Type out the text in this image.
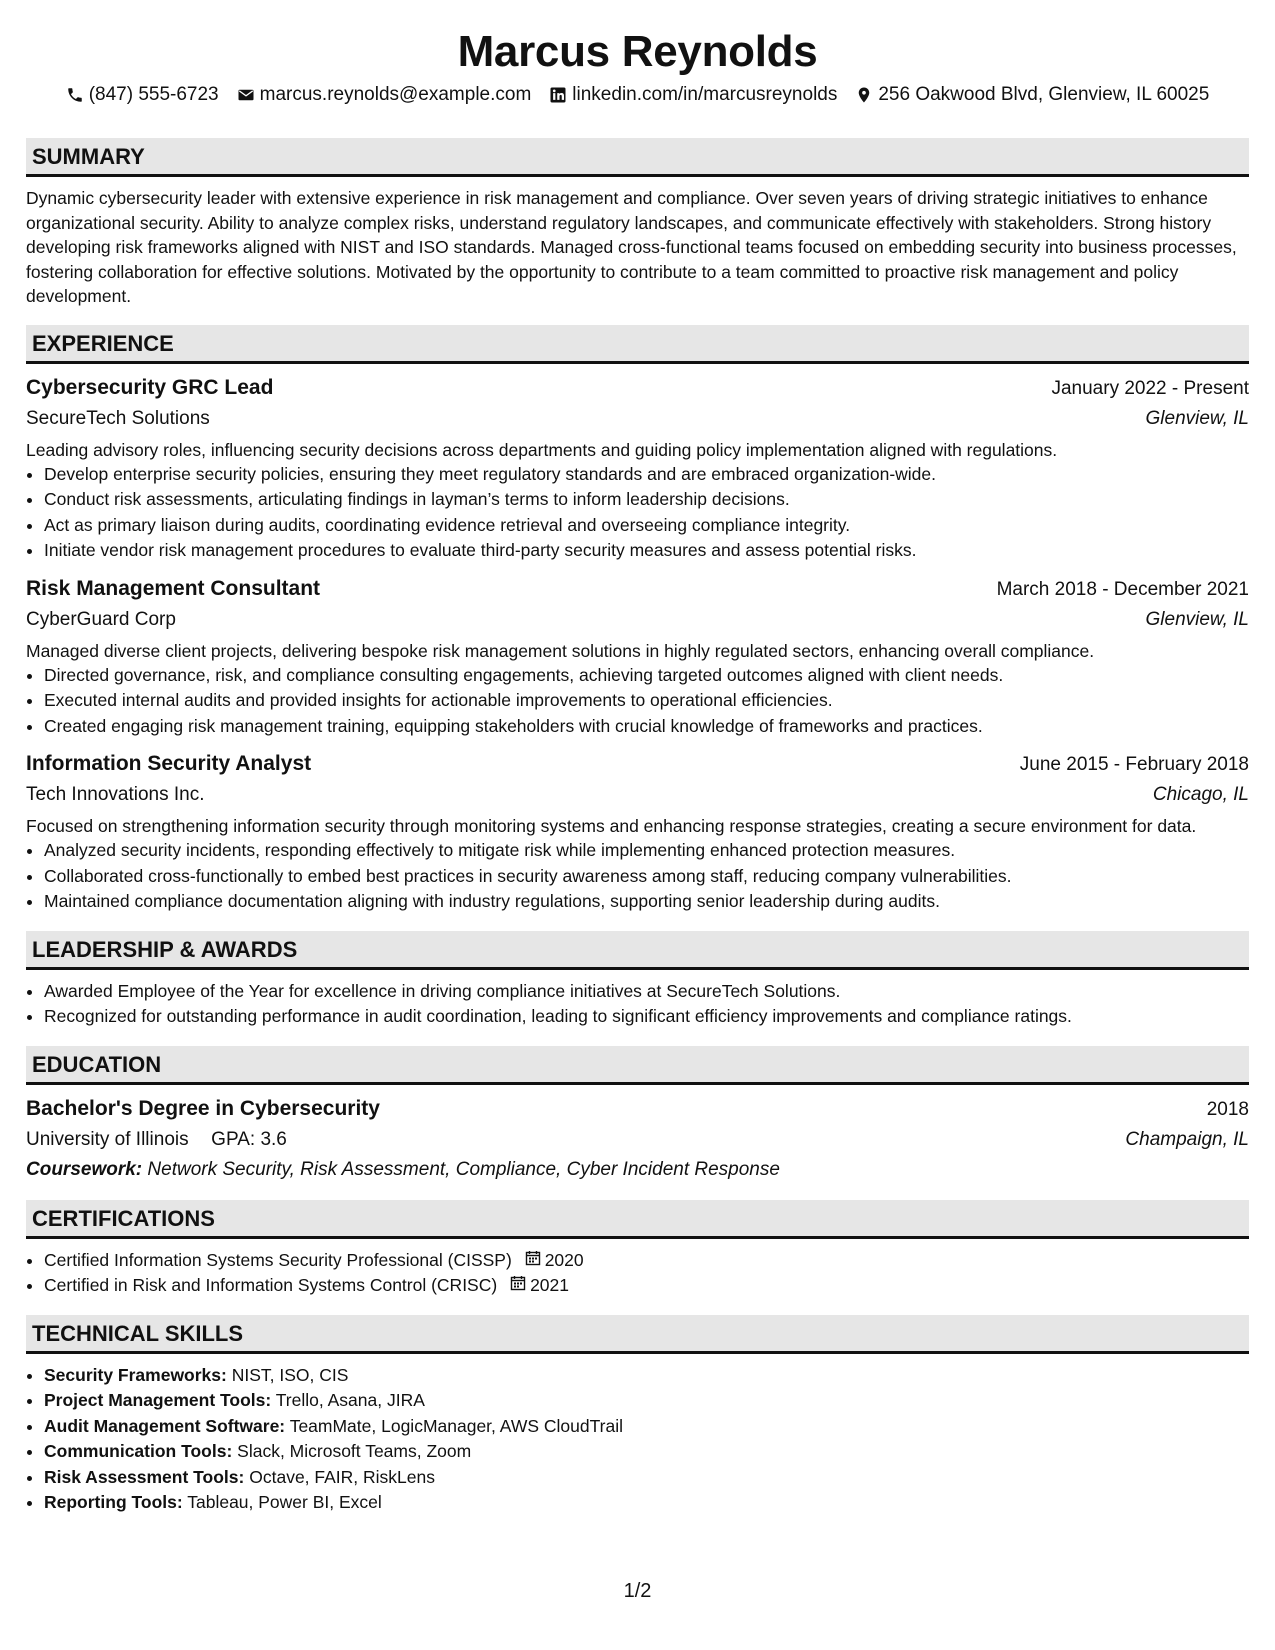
Marcus Reynolds
(847) 555-6723 marcus.reynolds@example.com linkedin.com/in/marcusreynolds 256 Oakwood Blvd, Glenview, IL 60025
SUMMARY

Dynamic cybersecurity leader with extensive experience in risk management and compliance. Over seven years of driving strategic initiatives to enhance organizational security. Ability to analyze complex risks, understand regulatory landscapes, and communicate effectively with stakeholders. Strong history developing risk frameworks aligned with NIST and ISO standards. Managed cross-functional teams focused on embedding security into business processes, fostering collaboration for effective solutions. Motivated by the opportunity to contribute to a team committed to proactive risk management and policy development.

EXPERIENCE
Cybersecurity GRC Lead	January 2022 - Present
SecureTech Solutions	Glenview, IL
Leading advisory roles, influencing security decisions across departments and guiding policy implementation aligned with regulations.
• Develop enterprise security policies, ensuring they meet regulatory standards and are embraced organization-wide.
• Conduct risk assessments, articulating findings in layman’s terms to inform leadership decisions.
• Act as primary liaison during audits, coordinating evidence retrieval and overseeing compliance integrity.
• Initiate vendor risk management procedures to evaluate third-party security measures and assess potential risks.
Risk Management Consultant	March 2018 - December 2021
CyberGuard Corp	Glenview, IL
Managed diverse client projects, delivering bespoke risk management solutions in highly regulated sectors, enhancing overall compliance.
• Directed governance, risk, and compliance consulting engagements, achieving targeted outcomes aligned with client needs.
• Executed internal audits and provided insights for actionable improvements to operational efficiencies.
• Created engaging risk management training, equipping stakeholders with crucial knowledge of frameworks and practices.
Information Security Analyst	June 2015 - February 2018
Tech Innovations Inc.	Chicago, IL
Focused on strengthening information security through monitoring systems and enhancing response strategies, creating a secure environment for data.
• Analyzed security incidents, responding effectively to mitigate risk while implementing enhanced protection measures.
• Collaborated cross-functionally to embed best practices in security awareness among staff, reducing company vulnerabilities.
• Maintained compliance documentation aligning with industry regulations, supporting senior leadership during audits.
LEADERSHIP & AWARDS
• Awarded Employee of the Year for excellence in driving compliance initiatives at SecureTech Solutions.
• Recognized for outstanding performance in audit coordination, leading to significant efficiency improvements and compliance ratings.
EDUCATION
Bachelor's Degree in Cybersecurity	2018
University of Illinois GPA: 3.6	Champaign, IL
Coursework: Network Security, Risk Assessment, Compliance, Cyber Incident Response
CERTIFICATIONS
• Certified Information Systems Security Professional (CISSP) 2020
• Certified in Risk and Information Systems Control (CRISC) 2021
TECHNICAL SKILLS
• Security Frameworks: NIST, ISO, CIS
• Project Management Tools: Trello, Asana, JIRA
• Audit Management Software: TeamMate, LogicManager, AWS CloudTrail
• Communication Tools: Slack, Microsoft Teams, Zoom
• Risk Assessment Tools: Octave, FAIR, RiskLens
• Reporting Tools: Tableau, Power BI, Excel
1/2
